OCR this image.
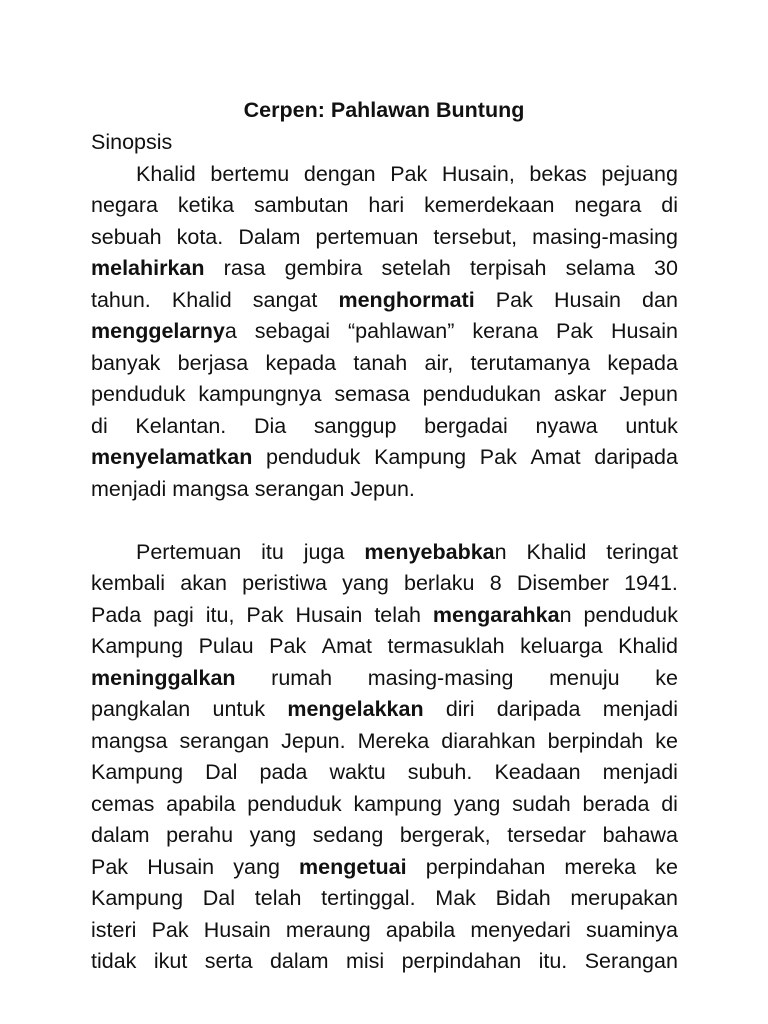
Cerpen: Pahlawan Buntung
Sinopsis
Khalid bertemu dengan Pak Husain, bekas pejuang
negara ketika sambutan hari kemerdekaan negara di
sebuah kota. Dalam pertemuan tersebut, masing-masing
melahirkan rasa gembira setelah terpisah selama 30
tahun. Khalid sangat menghormati Pak Husain dan
menggelarnya sebagai “pahlawan” kerana Pak Husain
banyak berjasa kepada tanah air, terutamanya kepada
penduduk kampungnya semasa pendudukan askar Jepun
di Kelantan. Dia sanggup bergadai nyawa untuk
menyelamatkan penduduk Kampung Pak Amat daripada
menjadi mangsa serangan Jepun.
Pertemuan itu juga menyebabkan Khalid teringat
kembali akan peristiwa yang berlaku 8 Disember 1941.
Pada pagi itu, Pak Husain telah mengarahkan penduduk
Kampung Pulau Pak Amat termasuklah keluarga Khalid
meninggalkan rumah masing-masing menuju ke
pangkalan untuk mengelakkan diri daripada menjadi
mangsa serangan Jepun. Mereka diarahkan berpindah ke
Kampung Dal pada waktu subuh. Keadaan menjadi
cemas apabila penduduk kampung yang sudah berada di
dalam perahu yang sedang bergerak, tersedar bahawa
Pak Husain yang mengetuai perpindahan mereka ke
Kampung Dal telah tertinggal. Mak Bidah merupakan
isteri Pak Husain meraung apabila menyedari suaminya
tidak ikut serta dalam misi perpindahan itu. Serangan
